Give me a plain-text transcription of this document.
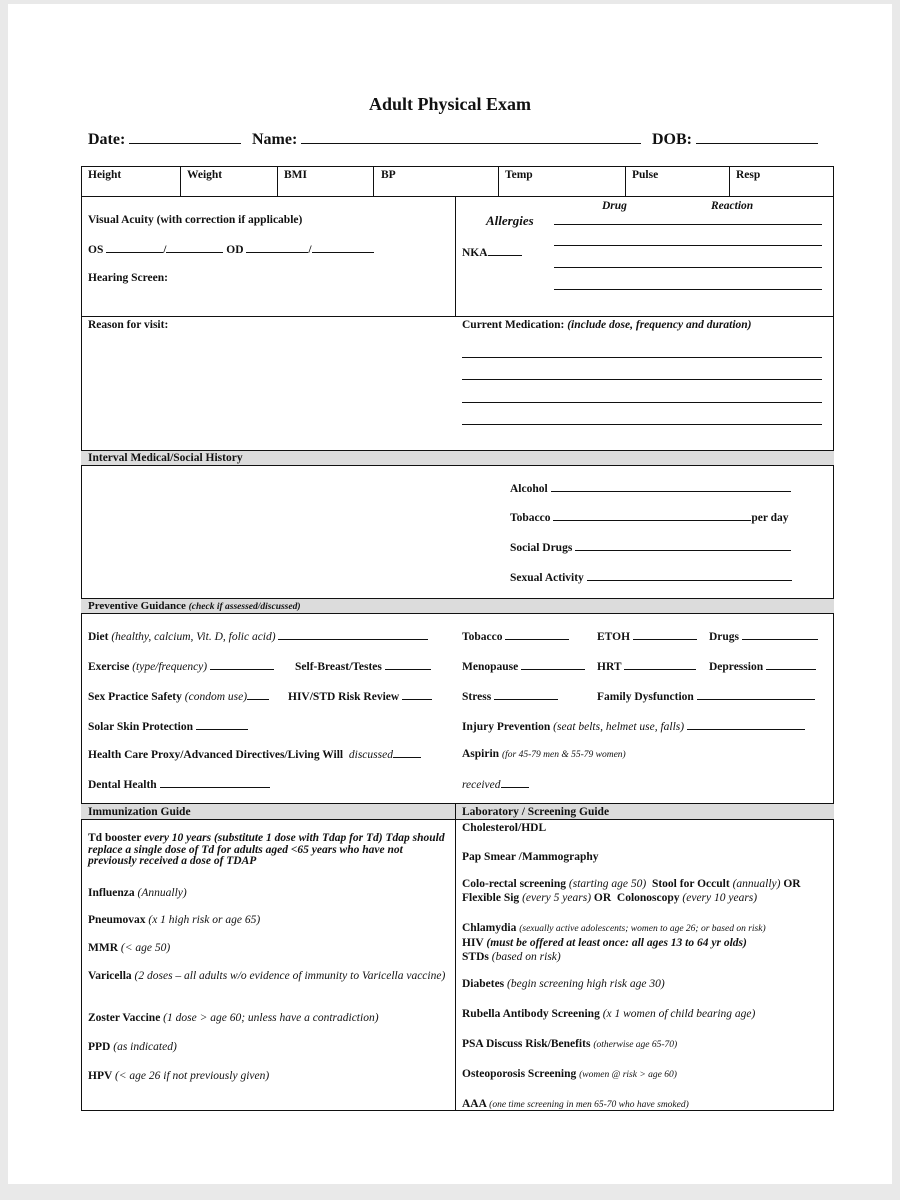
Adult Physical Exam
Date:	Name:	DOB:
Height	Weight	BMI	BP	Temp	Pulse	Resp
Visual Acuity (with correction if applicable)
OS	/	OD	/
Hearing Screen:
Drug	Reaction
Allergies
NKA
Reason for visit:	Current Medication: (include dose, frequency and duration)
Interval Medical/Social History
Alcohol
Tobacco	per day
Social Drugs
Sexual Activity
Preventive Guidance (check if assessed/discussed)
Diet (healthy, calcium, Vit. D, folic acid)	Tobacco	ETOH	Drugs
Exercise (type/frequency)	Self-Breast/Testes	Menopause	HRT	Depression
Sex Practice Safety (condom use)	HIV/STD Risk Review	Stress	Family Dysfunction
Solar Skin Protection	Injury Prevention (seat belts, helmet use, falls)
Health Care Proxy/Advanced Directives/Living Will discussed	Aspirin (for 45-79 men & 55-79 women)
Dental Health	received
Immunization Guide
Td booster every 10 years (substitute 1 dose with Tdap for Td) Tdap should replace a single dose of Td for adults aged <65 years who have not previously received a dose of TDAP
Influenza (Annually)
Pneumovax (x 1 high risk or age 65)
MMR (< age 50)
Varicella (2 doses – all adults w/o evidence of immunity to Varicella vaccine)
Zoster Vaccine (1 dose > age 60; unless have a contradiction)
PPD (as indicated)
HPV (< age 26 if not previously given)
Laboratory / Screening Guide
Cholesterol/HDL
Pap Smear /Mammography
Colo-rectal screening (starting age 50) Stool for Occult (annually) OR
Flexible Sig (every 5 years) OR Colonoscopy (every 10 years)
Chlamydia (sexually active adolescents; women to age 26; or based on risk)
HIV (must be offered at least once: all ages 13 to 64 yr olds)
STDs (based on risk)
Diabetes (begin screening high risk age 30)
Rubella Antibody Screening (x 1 women of child bearing age)
PSA Discuss Risk/Benefits (otherwise age 65-70)
Osteoporosis Screening (women @ risk > age 60)
AAA (one time screening in men 65-70 who have smoked)
